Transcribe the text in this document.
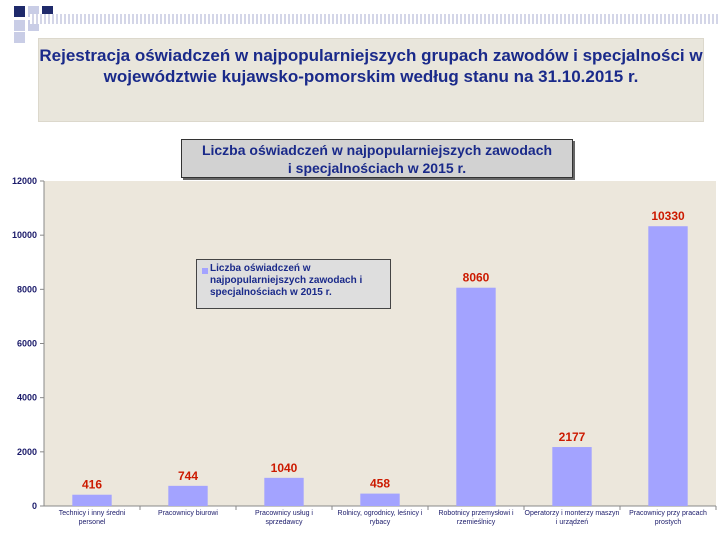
Rejestracja oświadczeń w najpopularniejszych grupach zawodów i specjalności w województwie kujawsko-pomorskim według stanu na 31.10.2015 r.
0
2000
4000
6000
8000
10000
12000
416
Technicy i inny średni personel
744
Pracownicy biurowi
1040
Pracownicy usług i sprzedawcy
458
Rolnicy, ogrodnicy, leśnicy i rybacy
8060
Robotnicy przemysłowi i rzemieślnicy
2177
Operatorzy i monterzy maszyn i urządzeń
10330
Pracownicy przy pracach prostych
Liczba oświadczeń w najpopularniejszych zawodach
i specjalnościach w 2015 r.
Liczba oświadczeń w
najpopularniejszych zawodach i
specjalnościach w 2015 r.
